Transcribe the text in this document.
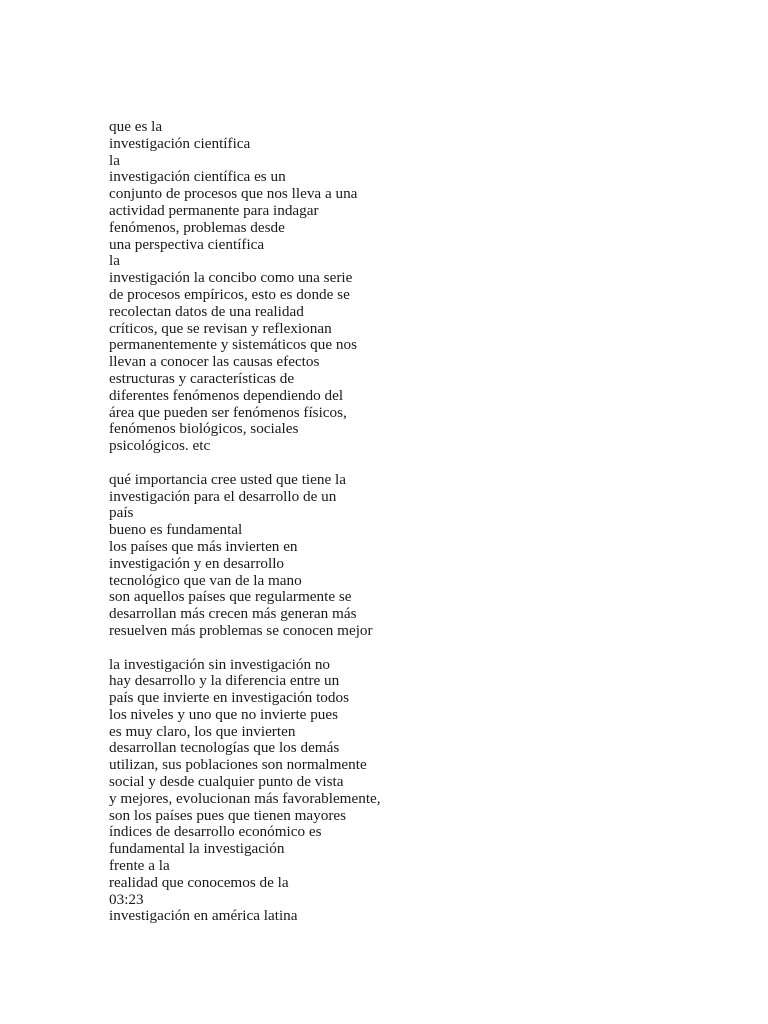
que es la
investigación científica
la
investigación científica es un
conjunto de procesos que nos lleva a una
actividad permanente para indagar
fenómenos, problemas desde
una perspectiva científica
la
investigación la concibo como una serie
de procesos empíricos, esto es donde se
recolectan datos de una realidad
críticos, que se revisan y reflexionan
permanentemente y sistemáticos que nos
llevan a conocer las causas efectos
estructuras y características de
diferentes fenómenos dependiendo del
área que pueden ser fenómenos físicos,
fenómenos biológicos, sociales
psicológicos. etc
qué importancia cree usted que tiene la
investigación para el desarrollo de un
país
bueno es fundamental
los países que más invierten en
investigación y en desarrollo
tecnológico que van de la mano
son aquellos países que regularmente se
desarrollan más crecen más generan más
resuelven más problemas se conocen mejor
la investigación sin investigación no
hay desarrollo y la diferencia entre un
país que invierte en investigación todos
los niveles y uno que no invierte pues
es muy claro, los que invierten
desarrollan tecnologías que los demás
utilizan, sus poblaciones son normalmente
social y desde cualquier punto de vista
y mejores, evolucionan más favorablemente,
son los países pues que tienen mayores
índices de desarrollo económico es
fundamental la investigación
frente a la
realidad que conocemos de la
03:23
investigación en américa latina
